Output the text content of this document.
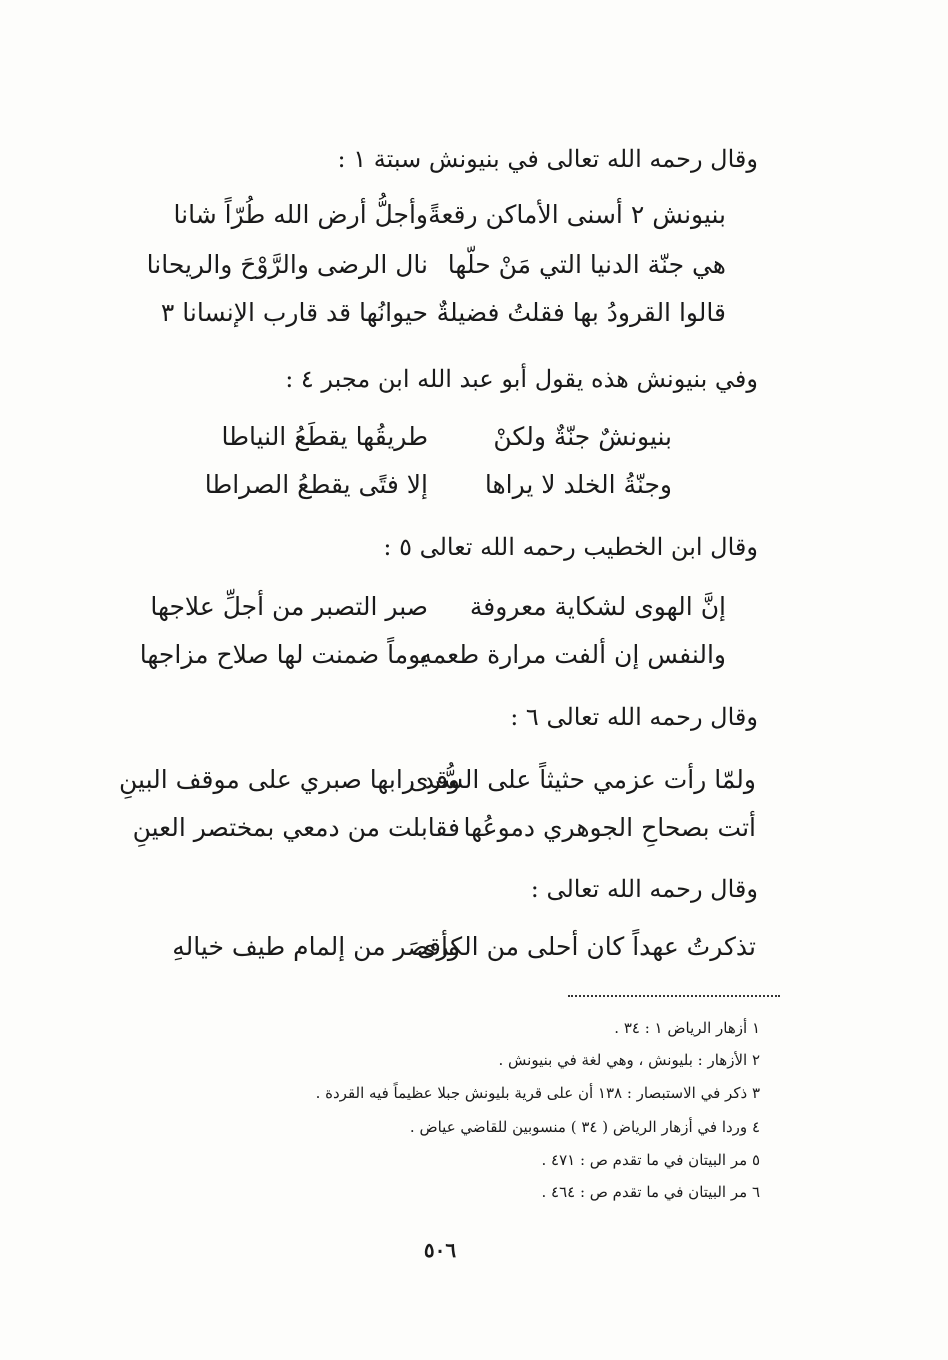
وقال رحمه الله تعالى في بنيونش سبتة ١ :
بنيونش ٢ أسنى الأماكن رقعةً
وأجلُّ أرض الله طُرّاً شانا
هي جنّة الدنيا التي مَنْ حلّها
نال الرضى والرَّوْحَ والريحانا
قالوا القرودُ بها فقلتُ فضيلةٌ
حيوانُها قد قارب الإنسانا ٣
وفي بنيونش هذه يقول أبو عبد الله ابن مجبر ٤ :
بنيونشٌ جنّةٌ ولكنْ
طريقُها يقطَعُ النياطا
وجنّةُ الخلد لا يراها
إلا فتًى يقطعُ الصراطا
وقال ابن الخطيب رحمه الله تعالى ٥ :
إنَّ الهوى لشكاية معروفة
صبر التصبر من أجلِّ علاجها
والنفس إن ألفت مرارة طعمه
يوماً ضمنت لها صلاح مزاجها
وقال رحمه الله تعالى ٦ :
ولمّا رأت عزمي حثيثاً على السُّرى
وقد رابها صبري على موقف البينِ
أتت بصحاحِ الجوهري دموعُها
فقابلت من دمعي بمختصر العينِ
وقال رحمه الله تعالى :
تذكرتُ عهداً كان أحلى من الكرى
وأقصَر من إلمام طيف خيالهِ
١ أزهار الرياض ١ : ٣٤ .
٢ الأزهار : بليونش ، وهي لغة في بنيونش .
٣ ذكر في الاستبصار : ١٣٨ أن على قرية بليونش جبلا عظيماً فيه القردة .
٤ وردا في أزهار الرياض ( ٣٤ ) منسوبين للقاضي عياض .
٥ مر البيتان في ما تقدم ص : ٤٧١ .
٦ مر البيتان في ما تقدم ص : ٤٦٤ .
٥٠٦
